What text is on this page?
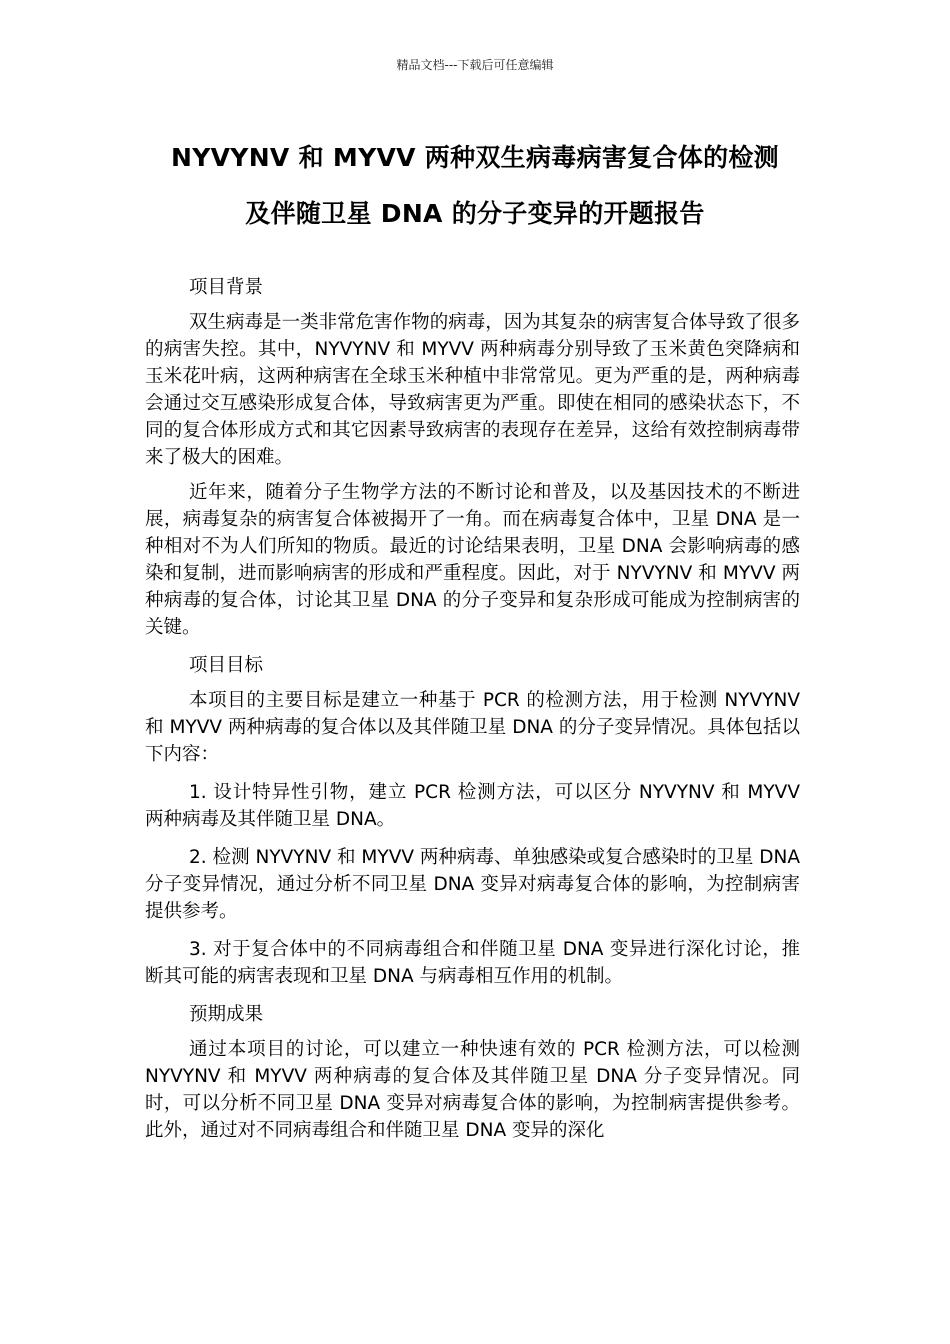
精品文档---下载后可任意编辑
NYVYNV 和 MYVV 两种双生病毒病害复合体的检测
及伴随卫星 DNA 的分子变异的开题报告

项目背景

双生病毒是一类非常危害作物的病毒，因为其复杂的病害复合体导致了很多的病害失控。其中，NYVYNV 和 MYVV 两种病毒分别导致了玉米黄色突降病和玉米花叶病，这两种病害在全球玉米种植中非常常见。更为严重的是，两种病毒会通过交互感染形成复合体，导致病害更为严重。即使在相同的感染状态下，不同的复合体形成方式和其它因素导致病害的表现存在差异，这给有效控制病毒带来了极大的困难。

近年来，随着分子生物学方法的不断讨论和普及，以及基因技术的不断进展，病毒复杂的病害复合体被揭开了一角。而在病毒复合体中，卫星 DNA 是一种相对不为人们所知的物质。最近的讨论结果表明，卫星 DNA 会影响病毒的感染和复制，进而影响病害的形成和严重程度。因此，对于 NYVYNV 和 MYVV 两种病毒的复合体，讨论其卫星 DNA 的分子变异和复杂形成可能成为控制病害的关键。

项目目标

本项目的主要目标是建立一种基于 PCR 的检测方法，用于检测 NYVYNV 和 MYVV 两种病毒的复合体以及其伴随卫星 DNA 的分子变异情况。具体包括以下内容：

1. 设计特异性引物，建立 PCR 检测方法，可以区分 NYVYNV 和 MYVV 两种病毒及其伴随卫星 DNA。

2. 检测 NYVYNV 和 MYVV 两种病毒、单独感染或复合感染时的卫星 DNA 分子变异情况，通过分析不同卫星 DNA 变异对病毒复合体的影响，为控制病害提供参考。

3. 对于复合体中的不同病毒组合和伴随卫星 DNA 变异进行深化讨论，推断其可能的病害表现和卫星 DNA 与病毒相互作用的机制。

预期成果

通过本项目的讨论，可以建立一种快速有效的 PCR 检测方法，可以检测 NYVYNV 和 MYVV 两种病毒的复合体及其伴随卫星 DNA 分子变异情况。同时，可以分析不同卫星 DNA 变异对病毒复合体的影响，为控制病害提供参考。此外，通过对不同病毒组合和伴随卫星 DNA 变异的深化
